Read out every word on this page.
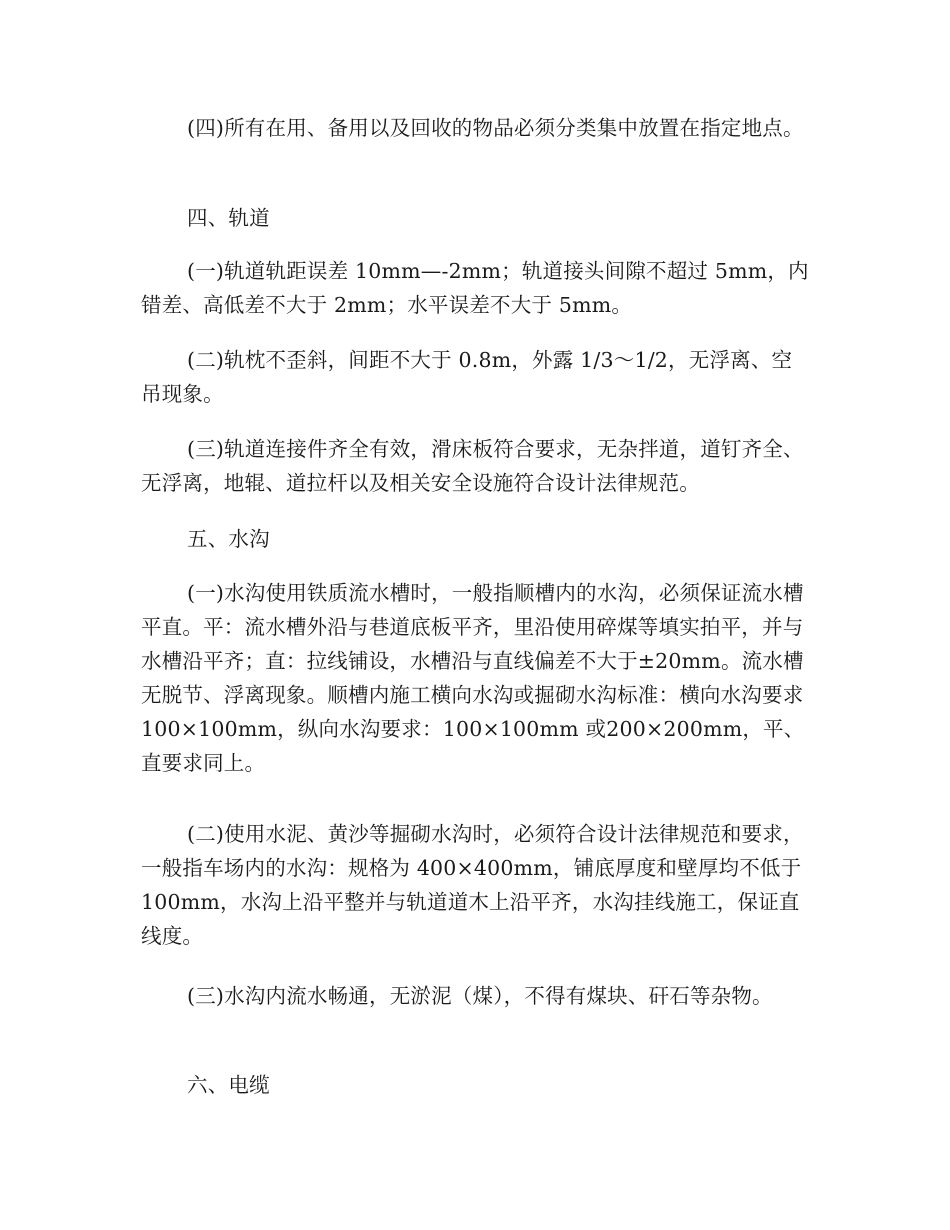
(四)所有在用、备用以及回收的物品必须分类集中放置在指定地点。

四、轨道

(一)轨道轨距误差 10mm—-2mm；轨道接头间隙不超过 5mm，内错差、高低差不大于 2mm；水平误差不大于 5mm。

(二)轨枕不歪斜，间距不大于 0.8m，外露 1/3～1/2，无浮离、空吊现象。

(三)轨道连接件齐全有效，滑床板符合要求，无杂拌道，道钉齐全、无浮离，地辊、道拉杆以及相关安全设施符合设计法律规范。

五、水沟

(一)水沟使用铁质流水槽时，一般指顺槽内的水沟，必须保证流水槽平直。平：流水槽外沿与巷道底板平齐，里沿使用碎煤等填实拍平，并与水槽沿平齐；直：拉线铺设，水槽沿与直线偏差不大于±20mm。流水槽无脱节、浮离现象。顺槽内施工横向水沟或掘砌水沟标准：横向水沟要求 100×100mm，纵向水沟要求：100×100mm 或200×200mm，平、直要求同上。

(二)使用水泥、黄沙等掘砌水沟时，必须符合设计法律规范和要求，一般指车场内的水沟：规格为 400×400mm，铺底厚度和壁厚均不低于 100mm，水沟上沿平整并与轨道道木上沿平齐，水沟挂线施工，保证直线度。

(三)水沟内流水畅通，无淤泥（煤），不得有煤块、矸石等杂物。

六、电缆
